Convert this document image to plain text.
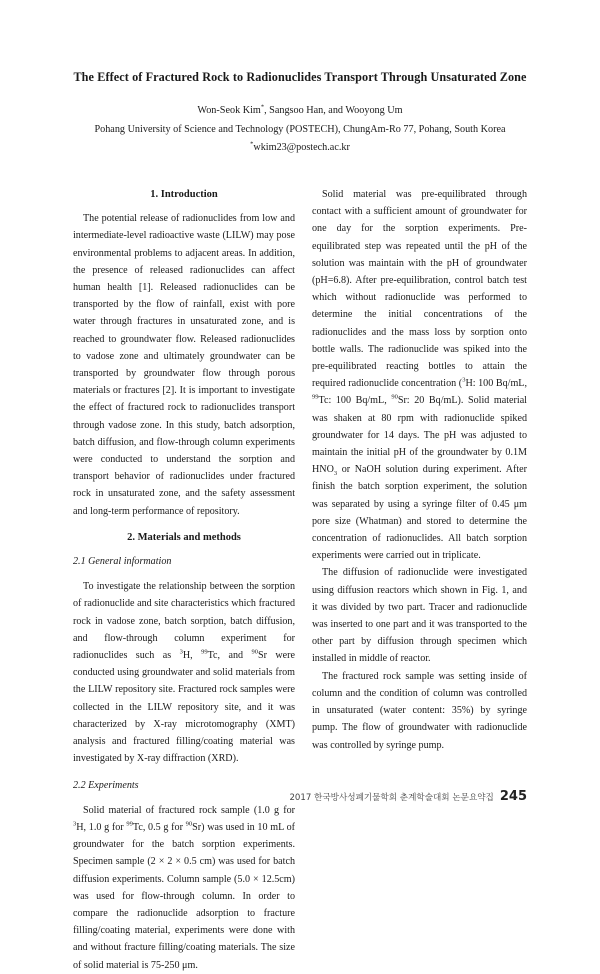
The Effect of Fractured Rock to Radionuclides Transport Through Unsaturated Zone
Won-Seok Kim*, Sangsoo Han, and Wooyong Um
Pohang University of Science and Technology (POSTECH), ChungAm-Ro 77, Pohang, South Korea
*wkim23@postech.ac.kr
1. Introduction

The potential release of radionuclides from low and intermediate-level radioactive waste (LILW) may pose environmental problems to adjacent areas. In addition, the presence of released radionuclides can affect human health [1]. Released radionuclides can be transported by the flow of rainfall, exist with pore water through fractures in unsaturated zone, and is reached to groundwater flow. Released radionuclides to vadose zone and ultimately groundwater can be transported by groundwater flow through porous materials or fractures [2]. It is important to investigate the effect of fractured rock to radionuclides transport through vadose zone. In this study, batch adsorption, batch diffusion, and flow-through column experiments were conducted to understand the sorption and transport behavior of radionuclides under fractured rock in unsaturated zone, and the safety assessment and long-term performance of repository.

2. Materials and methods
2.1 General information

To investigate the relationship between the sorption of radionuclide and site characteristics which fractured rock in vadose zone, batch sorption, batch diffusion, and flow-through column experiment for radionuclides such as $^3$H, $^{99}$Tc, and $^{90}$Sr were conducted using groundwater and solid materials from the LILW repository site. Fractured rock samples were collected in the LILW repository site, and it was characterized by X-ray microtomography (XMT) analysis and fractured filling/coating material was investigated by X-ray diffraction (XRD).

2.2 Experiments

Solid material of fractured rock sample (1.0 g for $^3$H, 1.0 g for $^{99}$Tc, 0.5 g for $^{90}$Sr) was used in 10 mL of groundwater for the batch sorption experiments. Specimen sample (2 × 2 × 0.5 cm) was used for batch diffusion experiments. Column sample (5.0 × 12.5cm) was used for flow-through column. In order to compare the radionuclide adsorption to fracture filling/coating material, experiments were done with and without fracture filling/coating materials. The size of solid material is 75-250 μm.

Solid material was pre-equilibrated through contact with a sufficient amount of groundwater for one day for the sorption experiments. Pre-equilibrated step was repeated until the pH of the solution was maintain with the pH of groundwater (pH=6.8). After pre-equilibration, control batch test which without radionuclide was performed to determine the initial concentrations of the radionuclides and the mass loss by sorption onto bottle walls. The radionuclide was spiked into the pre-equilibrated reacting bottles to attain the required radionuclide concentration ($^3$H: 100 Bq/mL, $^{99}$Tc: 100 Bq/mL, $^{90}$Sr: 20 Bq/mL). Solid material was shaken at 80 rpm with radionuclide spiked groundwater for 14 days. The pH was adjusted to maintain the initial pH of the groundwater by 0.1M $HNO_3$ or NaOH solution during experiment. After finish the batch sorption experiment, the solution was separated by using a syringe filter of 0.45 μm pore size (Whatman) and stored to determine the concentration of radionuclides. All batch sorption experiments were carried out in triplicate.

The diffusion of radionuclide were investigated using diffusion reactors which shown in Fig. 1, and it was divided by two part. Tracer and radionuclide was inserted to one part and it was transported to the other part by diffusion through specimen which installed in middle of reactor.

The fractured rock sample was setting inside of column and the condition of column was controlled in unsaturated (water content: 35%) by syringe pump. The flow of groundwater with radionuclide was controlled by syringe pump.

2017 한국방사성폐기물학회 춘계학술대회 논문요약집 245
